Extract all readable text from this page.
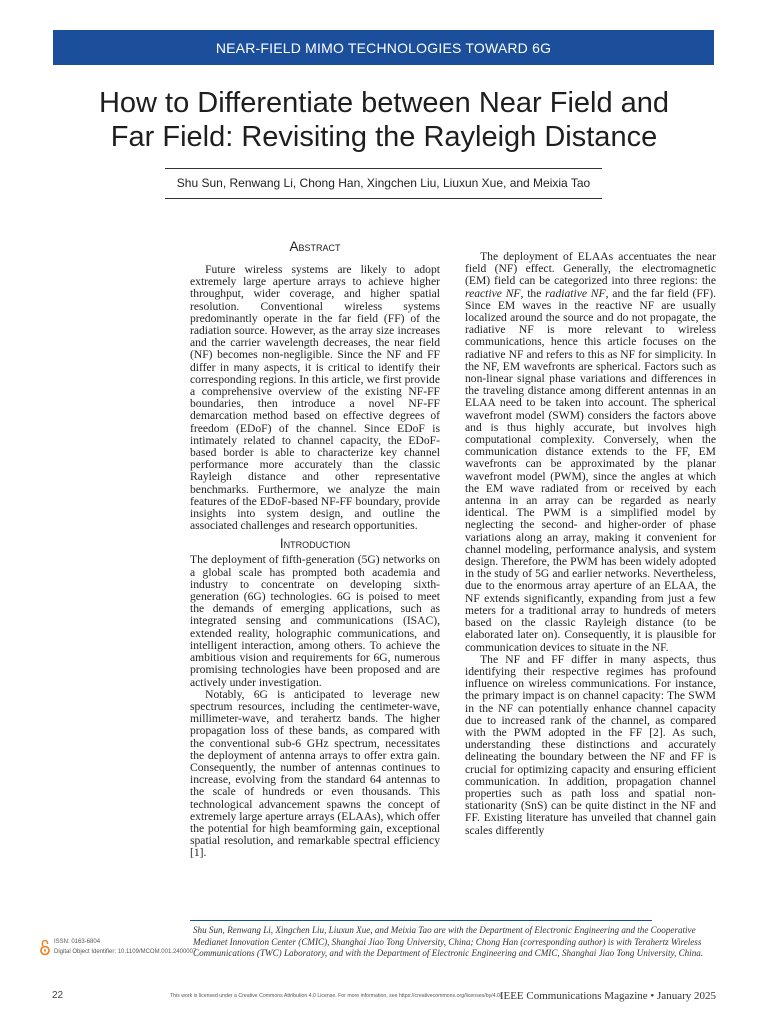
NEAR-FIELD MIMO TECHNOLOGIES TOWARD 6G
How to Differentiate between Near Field and
Far Field: Revisiting the Rayleigh Distance
Shu Sun, Renwang Li, Chong Han, Xingchen Liu, Liuxun Xue, and Meixia Tao
Abstract

Future wireless systems are likely to adopt extremely large aperture arrays to achieve higher throughput, wider coverage, and higher spatial resolution. Conventional wireless systems predominantly operate in the far field (FF) of the radiation source. However, as the array size increases and the carrier wavelength decreases, the near field (NF) becomes non-negligible. Since the NF and FF differ in many aspects, it is critical to identify their corresponding regions. In this article, we first provide a comprehensive overview of the existing NF-FF boundaries, then introduce a novel NF-FF demarcation method based on effective degrees of freedom (EDoF) of the channel. Since EDoF is intimately related to channel capacity, the EDoF-based border is able to characterize key channel performance more accurately than the classic Rayleigh distance and other representative benchmarks. Furthermore, we analyze the main features of the EDoF-based NF-FF boundary, provide insights into system design, and outline the associated challenges and research opportunities.

Introduction

The deployment of fifth-generation (5G) networks on a global scale has prompted both academia and industry to concentrate on developing sixth-generation (6G) technologies. 6G is poised to meet the demands of emerging applications, such as integrated sensing and communications (ISAC), extended reality, holographic communications, and intelligent interaction, among others. To achieve the ambitious vision and requirements for 6G, numerous promising technologies have been proposed and are actively under investigation.

Notably, 6G is anticipated to leverage new spectrum resources, including the centimeter-wave, millimeter-wave, and terahertz bands. The higher propagation loss of these bands, as compared with the conventional sub-6 GHz spectrum, necessitates the deployment of antenna arrays to offer extra gain. Consequently, the number of antennas continues to increase, evolving from the standard 64 antennas to the scale of hundreds or even thousands. This technological advancement spawns the concept of extremely large aperture arrays (ELAAs), which offer the potential for high beamforming gain, exceptional spatial resolution, and remarkable spectral efficiency [1].

The deployment of ELAAs accentuates the near field (NF) effect. Generally, the electromagnetic (EM) field can be categorized into three regions: the reactive NF, the radiative NF, and the far field (FF). Since EM waves in the reactive NF are usually localized around the source and do not propagate, the radiative NF is more relevant to wireless communications, hence this article focuses on the radiative NF and refers to this as NF for simplicity. In the NF, EM wavefronts are spherical. Factors such as non-linear signal phase variations and differences in the traveling distance among different antennas in an ELAA need to be taken into account. The spherical wavefront model (SWM) considers the factors above and is thus highly accurate, but involves high computational complexity. Conversely, when the communication distance extends to the FF, EM wavefronts can be approximated by the planar wavefront model (PWM), since the angles at which the EM wave radiated from or received by each antenna in an array can be regarded as nearly identical. The PWM is a simplified model by neglecting the second- and higher-order of phase variations along an array, making it convenient for channel modeling, performance analysis, and system design. Therefore, the PWM has been widely adopted in the study of 5G and earlier networks. Nevertheless, due to the enormous array aperture of an ELAA, the NF extends significantly, expanding from just a few meters for a traditional array to hundreds of meters based on the classic Rayleigh distance (to be elaborated later on). Consequently, it is plausible for communication devices to situate in the NF.

The NF and FF differ in many aspects, thus identifying their respective regimes has profound influence on wireless communications. For instance, the primary impact is on channel capacity: The SWM in the NF can potentially enhance channel capacity due to increased rank of the channel, as compared with the PWM adopted in the FF [2]. As such, understanding these distinctions and accurately delineating the boundary between the NF and FF is crucial for optimizing capacity and ensuring efficient communication. In addition, propagation channel properties such as path loss and spatial non-stationarity (SnS) can be quite distinct in the NF and FF. Existing literature has unveiled that channel gain scales differently

Shu Sun, Renwang Li, Xingchen Liu, Liuxun Xue, and Meixia Tao are with the Department of Electronic Engineering and the Cooperative Medianet Innovation Center (CMIC), Shanghai Jiao Tong University, China; Chong Han (corresponding author) is with Terahertz Wireless Communications (TWC) Laboratory, and with the Department of Electronic Engineering and CMIC, Shanghai Jiao Tong University, China.
ISSN: 0163-6804
Digital Object Identifier: 10.1109/MCOM.001.2400007
22	This work is licensed under a Creative Commons Attribution 4.0 License. For more information, see https://creativecommons.org/licenses/by/4.0/
IEEE Communications Magazine • January 2025
